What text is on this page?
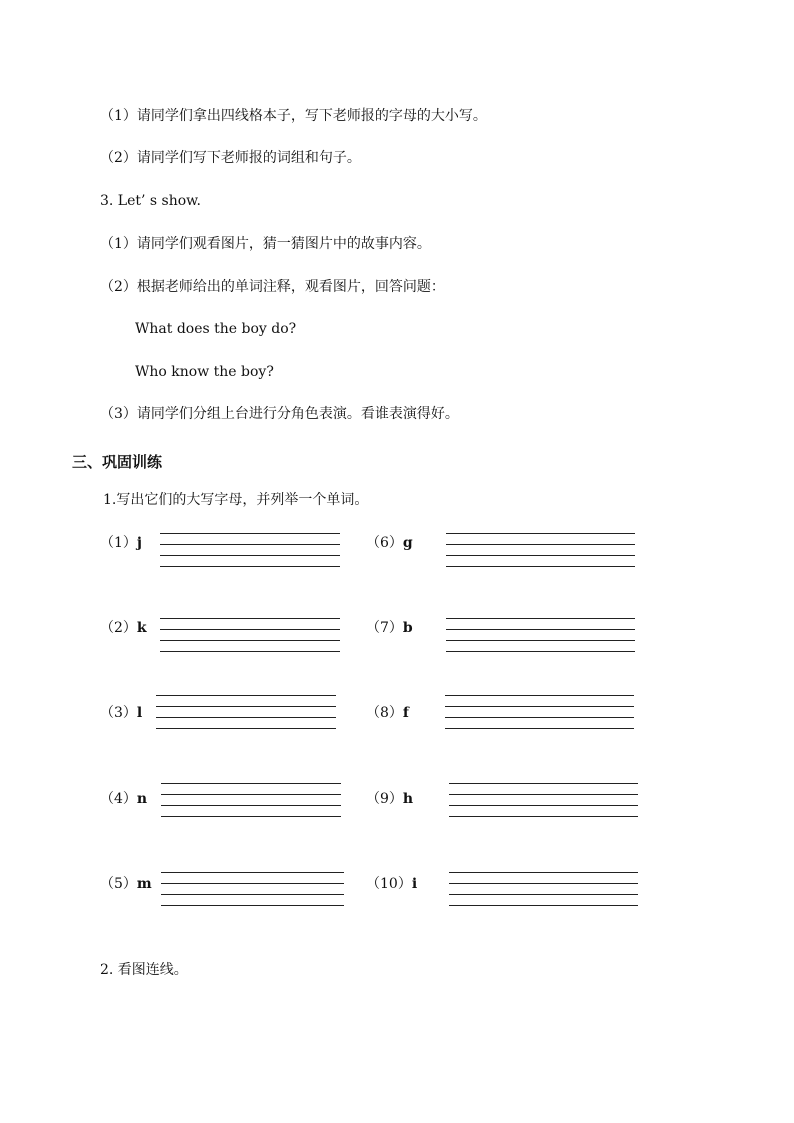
（1）请同学们拿出四线格本子，写下老师报的字母的大小写。
（2）请同学们写下老师报的词组和句子。
3. Let’ s show.
（1）请同学们观看图片，猜一猜图片中的故事内容。
（2）根据老师给出的单词注释，观看图片，回答问题：
What does the boy do?
Who know the boy?
（3）请同学们分组上台进行分角色表演。看谁表演得好。
三、巩固训练
1.写出它们的大写字母，并列举一个单词。
（1）j
（2）k
（3）l
（4）n
（5）m
（6）g
（7）b
（8）f
（9）h
（10）i
2. 看图连线。
